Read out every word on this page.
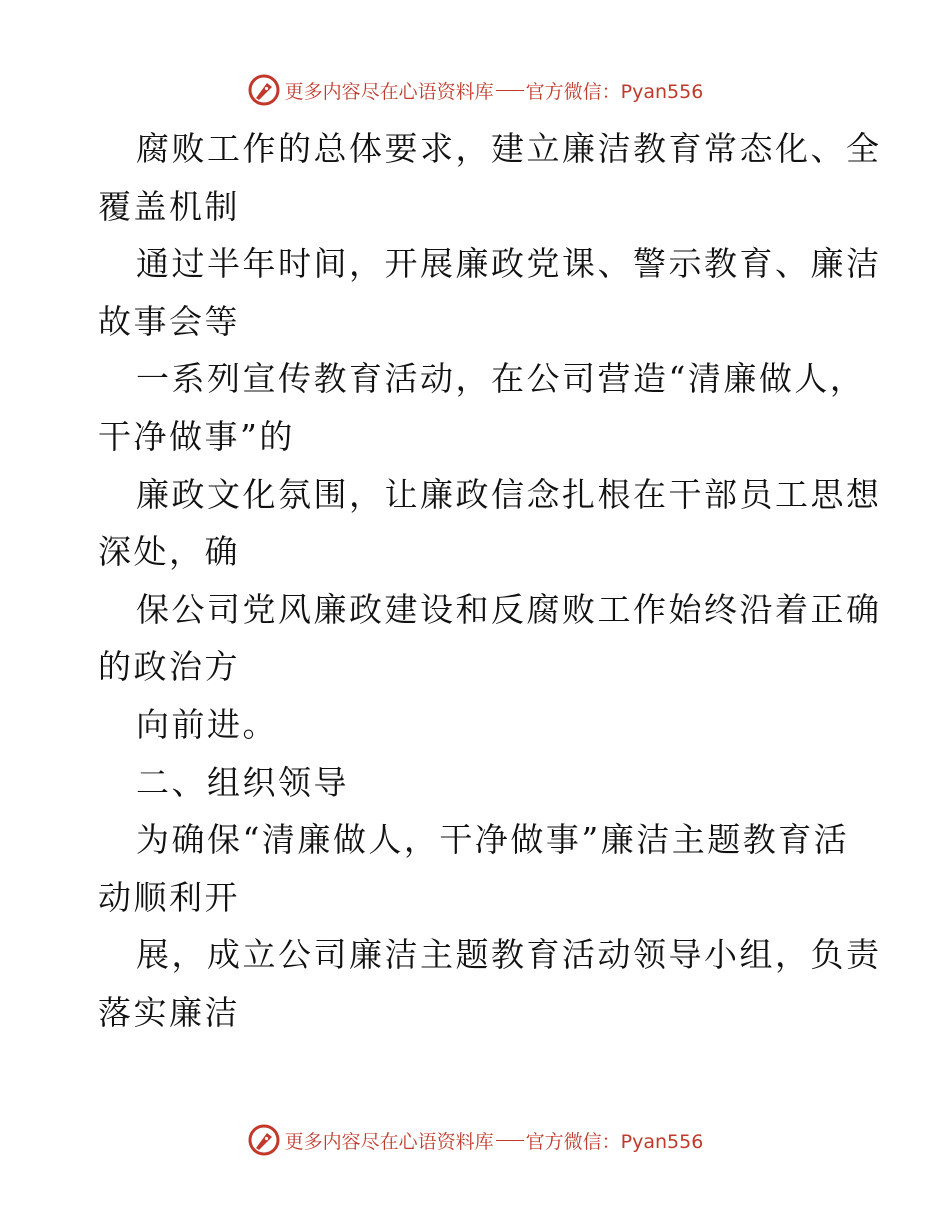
更多内容尽在心语资料库 官方微信：Pyan556
腐败工作的总体要求，建立廉洁教育常态化、全
覆盖机制
通过半年时间，开展廉政党课、警示教育、廉洁
故事会等
一系列宣传教育活动，在公司营造“清廉做人，
干净做事”的
廉政文化氛围，让廉政信念扎根在干部员工思想
深处，确
保公司党风廉政建设和反腐败工作始终沿着正确
的政治方
向前进。
二、组织领导
为确保“清廉做人，干净做事”廉洁主题教育活
动顺利开
展，成立公司廉洁主题教育活动领导小组，负责
落实廉洁
更多内容尽在心语资料库 官方微信：Pyan556
